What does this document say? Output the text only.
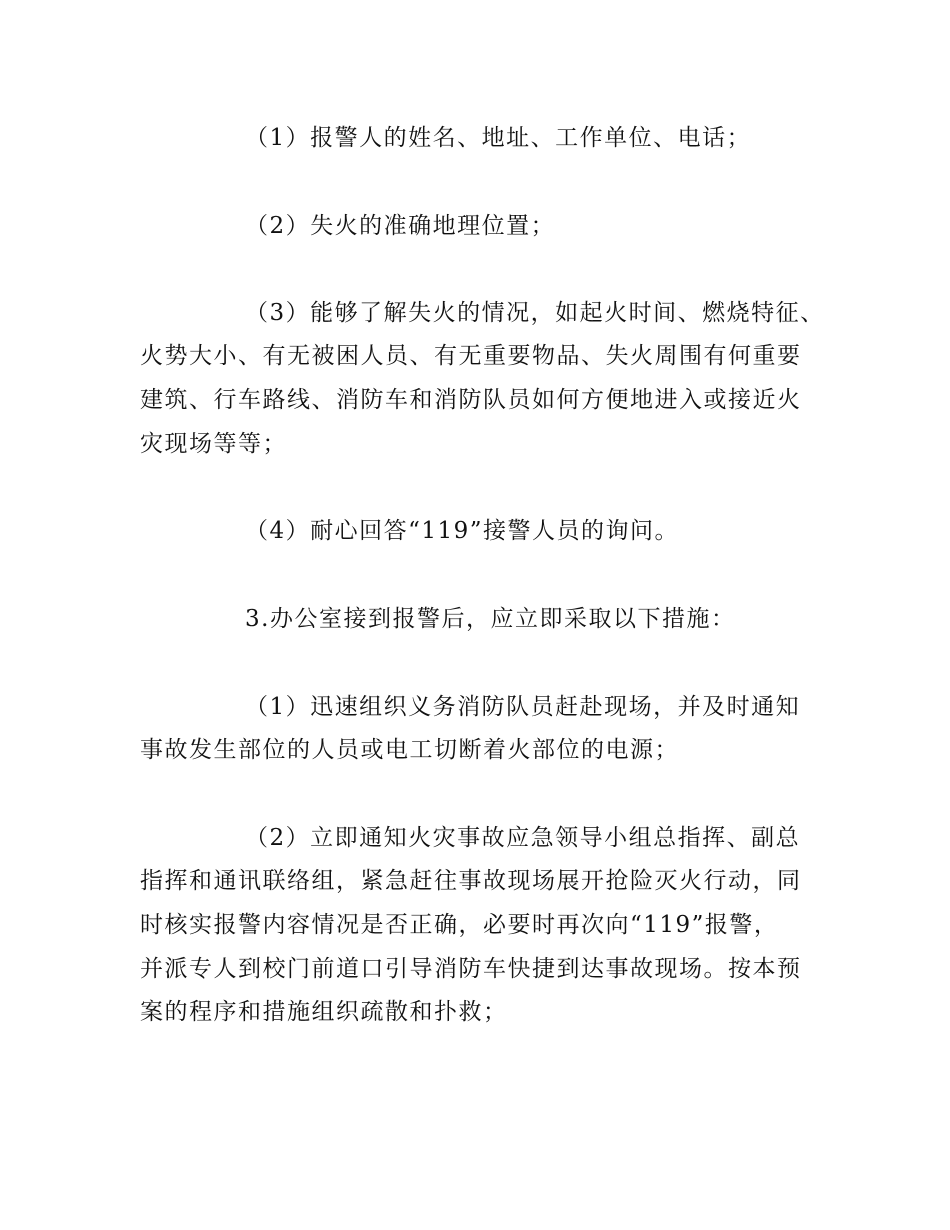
（1）报警人的姓名、地址、工作单位、电话；

（2）失火的准确地理位置；

（3）能够了解失火的情况，如起火时间、燃烧特征、

火势大小、有无被困人员、有无重要物品、失火周围有何重要

建筑、行车路线、消防车和消防队员如何方便地进入或接近火

灾现场等等；

（4）耐心回答“119”接警人员的询问。

3.办公室接到报警后，应立即采取以下措施：

（1）迅速组织义务消防队员赶赴现场，并及时通知

事故发生部位的人员或电工切断着火部位的电源；

（2）立即通知火灾事故应急领导小组总指挥、副总

指挥和通讯联络组，紧急赶往事故现场展开抢险灭火行动，同

时核实报警内容情况是否正确，必要时再次向“119”报警，

并派专人到校门前道口引导消防车快捷到达事故现场。按本预

案的程序和措施组织疏散和扑救；
